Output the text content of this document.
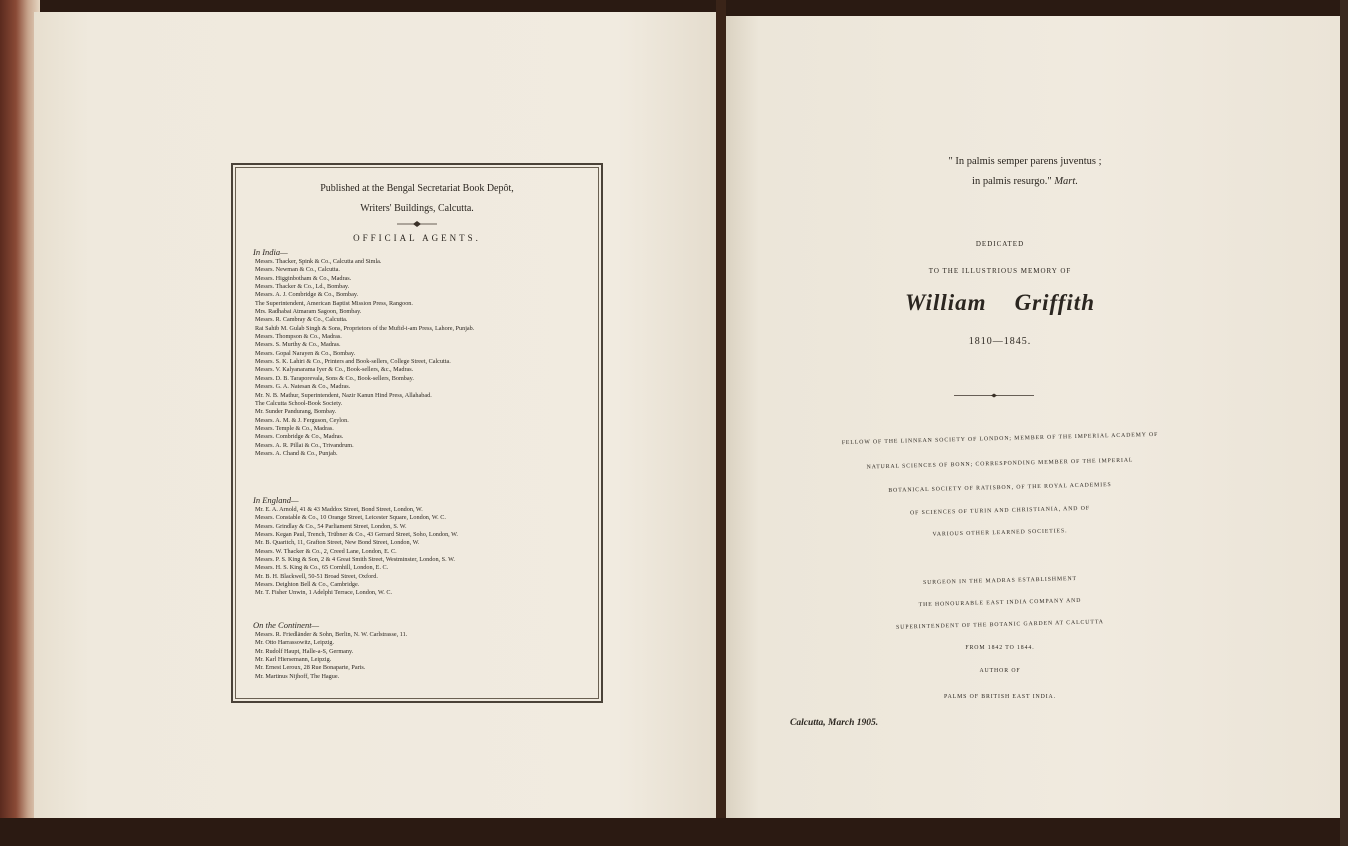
Published at the Bengal Secretariat Book Depôt,
Writers' Buildings, Calcutta.
OFFICIAL AGENTS.
In India—
Messrs. Thacker, Spink & Co., Calcutta and Simla.
Messrs. Newman & Co., Calcutta.
Messrs. Higginbotham & Co., Madras.
Messrs. Thacker & Co., Ld., Bombay.
Messrs. A. J. Combridge & Co., Bombay.
The Superintendent, American Baptist Mission Press, Rangoon.
Mrs. Radhabai Atmaram Sagoon, Bombay.
Messrs. R. Cambray & Co., Calcutta.
Rai Sahib M. Gulab Singh & Sons, Proprietors of the Mufid-i-am Press, Lahore, Punjab.
Messrs. Thompson & Co., Madras.
Messrs. S. Murthy & Co., Madras.
Messrs. Gopal Narayen & Co., Bombay.
Messrs. S. K. Lahiri & Co., Printers and Book-sellers, College Street, Calcutta.
Messrs. V. Kalyanarama Iyer & Co., Book-sellers, &c., Madras.
Messrs. D. B. Taraporevala, Sons & Co., Book-sellers, Bombay.
Messrs. G. A. Natesan & Co., Madras.
Mr. N. B. Mathur, Superintendent, Nazir Kanun Hind Press, Allahabad.
The Calcutta School-Book Society.
Mr. Sunder Pandurang, Bombay.
Messrs. A. M. & J. Ferguson, Ceylon.
Messrs. Temple & Co., Madras.
Messrs. Combridge & Co., Madras.
Messrs. A. R. Pillai & Co., Trivandrum.
Messrs. A. Chand & Co., Punjab.
In England—
Mr. E. A. Arnold, 41 & 43 Maddox Street, Bond Street, London, W.
Messrs. Constable & Co., 10 Orange Street, Leicester Square, London, W. C.
Messrs. Grindlay & Co., 54 Parliament Street, London, S. W.
Messrs. Kegan Paul, Trench, Trübner & Co., 43 Gerrard Street, Soho, London, W.
Mr. B. Quaritch, 11, Grafton Street, New Bond Street, London, W.
Messrs. W. Thacker & Co., 2, Creed Lane, London, E. C.
Messrs. P. S. King & Son, 2 & 4 Great Smith Street, Westminster, London, S. W.
Messrs. H. S. King & Co., 65 Cornhill, London, E. C.
Mr. B. H. Blackwell, 50-51 Broad Street, Oxford.
Messrs. Deighton Bell & Co., Cambridge.
Mr. T. Fisher Unwin, 1 Adelphi Terrace, London, W. C.
On the Continent—
Messrs. R. Friedländer & Sohn, Berlin, N. W. Carlstrasse, 11.
Mr. Otto Harrassowitz, Leipzig.
Mr. Rudolf Haupt, Halle-a-S, Germany.
Mr. Karl Hiersemann, Leipzig.
Mr. Ernest Leroux, 28 Rue Bonaparte, Paris.
Mr. Martinus Nijhoff, The Hague.
" In palmis semper parens juventus ;
in palmis resurgo." Mart.
DEDICATED
TO THE ILLUSTRIOUS MEMORY OF
William Griffith
1810—1845.
FELLOW OF THE LINNEAN SOCIETY OF LONDON; MEMBER OF THE IMPERIAL ACADEMY OF
NATURAL SCIENCES OF BONN; CORRESPONDING MEMBER OF THE IMPERIAL
BOTANICAL SOCIETY OF RATISBON, OF THE ROYAL ACADEMIES
OF SCIENCES OF TURIN AND CHRISTIANIA, AND OF
VARIOUS OTHER LEARNED SOCIETIES.
SURGEON IN THE MADRAS ESTABLISHMENT
THE HONOURABLE EAST INDIA COMPANY AND
SUPERINTENDENT OF THE BOTANIC GARDEN AT CALCUTTA
FROM 1842 TO 1844.
AUTHOR OF
PALMS OF BRITISH EAST INDIA.
Calcutta, March 1905.
